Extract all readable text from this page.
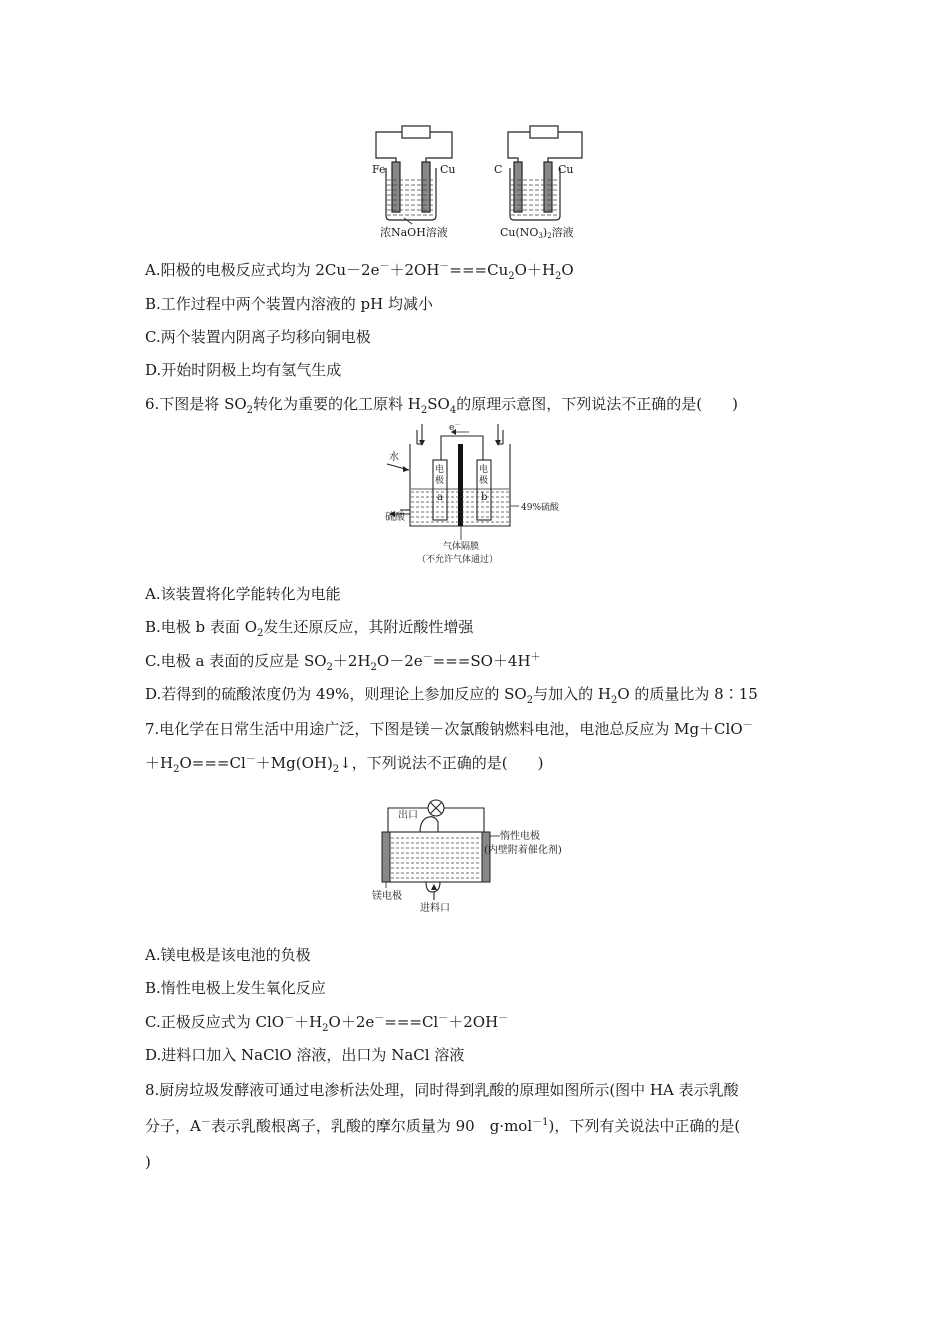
Fe	Cu
浓NaOH溶液
C	Cu
Cu(NO3)2溶液
A.阳极的电极反应式均为 $2Cu-2e^-+2OH^-===Cu_2O+H_2O$
B.工作过程中两个装置内溶液的 pH 均减小
C.两个装置内阴离子均移向铜电极
D.开始时阴极上均有氢气生成
6.下图是将 $SO_2$转化为重要的化工原料 $H_2SO_4$的原理示意图，下列说法不正确的是(　　)
e－
水
电
极
a
电
极
b
硫酸
49%硫酸
气体隔膜
（不允许气体通过）
A.该装置将化学能转化为电能
B.电极 b 表面 $O_2$发生还原反应，其附近酸性增强
C.电极 a 表面的反应是 $SO_2+2H_2O-2e^-===SO+4H^+$
D.若得到的硫酸浓度仍为 49%，则理论上参加反应的 $SO_2$与加入的 $H_2O$ 的质量比为 8∶15
7.电化学在日常生活中用途广泛，下图是镁－次氯酸钠燃料电池，电池总反应为 Mg＋ClO－
$+H_2O===Cl^-+Mg(OH)_2↓$，下列说法不正确的是(　　)
出口
惰性电极
(内壁附着催化剂)
镁电极
进料口
A.镁电极是该电池的负极
B.惰性电极上发生氧化反应
C.正极反应式为 $ClO^-+H_2O+2e^-===Cl^-+2OH^-$
D.进料口加入 NaClO 溶液，出口为 NaCl 溶液
8.厨房垃圾发酵液可通过电渗析法处理，同时得到乳酸的原理如图所示(图中 HA 表示乳酸
分子，A－表示乳酸根离子，乳酸的摩尔质量为 90　g·mol$^{-1}$)，下列有关说法中正确的是(
)
